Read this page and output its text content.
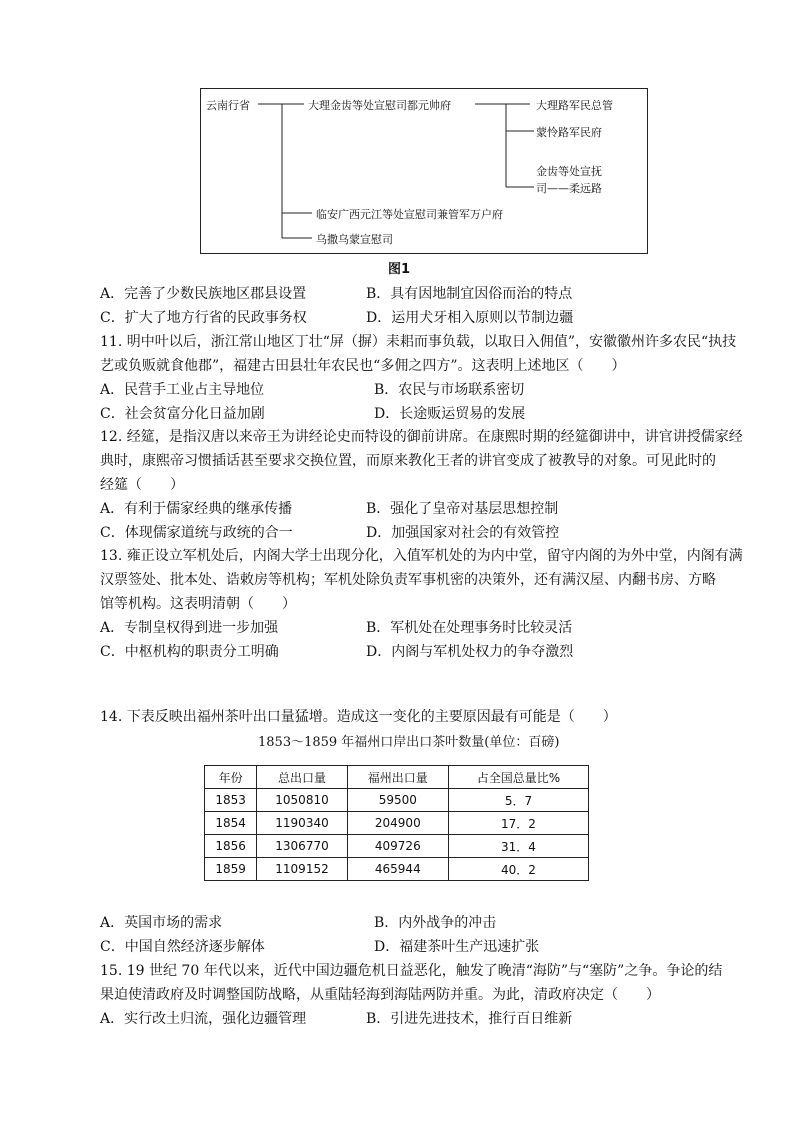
云南行省	大理金齿等处宣慰司都元帅府	大理路军民总管
蒙怜路军民府
金齿等处宣抚
司——柔远路
临安广西元江等处宣慰司兼管军万户府
乌撒乌蒙宣慰司
图1
A．完善了少数民族地区郡县设置	B．具有因地制宜因俗而治的特点
C．扩大了地方行省的民政事务权	D．运用犬牙相入原则以节制边疆
11. 明中叶以后，浙江常山地区丁壮“屏（摒）耒耜而事负载，以取日入佣值”，安徽徽州许多农民“执技
艺或负贩就食他郡”，福建古田县壮年农民也“多佣之四方”。这表明上述地区（　　）
A．民营手工业占主导地位	B．农民与市场联系密切
C．社会贫富分化日益加剧	D．长途贩运贸易的发展
12. 经筵，是指汉唐以来帝王为讲经论史而特设的御前讲席。在康熙时期的经筵御讲中，讲官讲授儒家经
典时，康熙帝习惯插话甚至要求交换位置，而原来教化王者的讲官变成了被教导的对象。可见此时的
经筵（　　）
A．有利于儒家经典的继承传播	B．强化了皇帝对基层思想控制
C．体现儒家道统与政统的合一	D．加强国家对社会的有效管控
13. 雍正设立军机处后，内阁大学士出现分化，入值军机处的为内中堂，留守内阁的为外中堂，内阁有满
汉票签处、批本处、诰敕房等机构；军机处除负责军事机密的决策外，还有满汉屋、内翻书房、方略
馆等机构。这表明清朝（　　）
A．专制皇权得到进一步加强	B．军机处在处理事务时比较灵活
C．中枢机构的职责分工明确	D．内阁与军机处权力的争夺激烈
14. 下表反映出福州茶叶出口量猛增。造成这一变化的主要原因最有可能是（　　）
1853～1859 年福州口岸出口茶叶数量(单位：百磅)
年份	总出口量	福州出口量	占全国总量比%
1853	1050810	59500	5．7
1854	1190340	204900	17．2
1856	1306770	409726	31．4
1859	1109152	465944	40．2
A．英国市场的需求	B．内外战争的冲击
C．中国自然经济逐步解体	D．福建茶叶生产迅速扩张
15. 19 世纪 70 年代以来，近代中国边疆危机日益恶化，触发了晚清“海防”与“塞防”之争。争论的结
果迫使清政府及时调整国防战略，从重陆轻海到海陆两防并重。为此，清政府决定（　　）
A．实行改土归流，强化边疆管理	B．引进先进技术，推行百日维新
